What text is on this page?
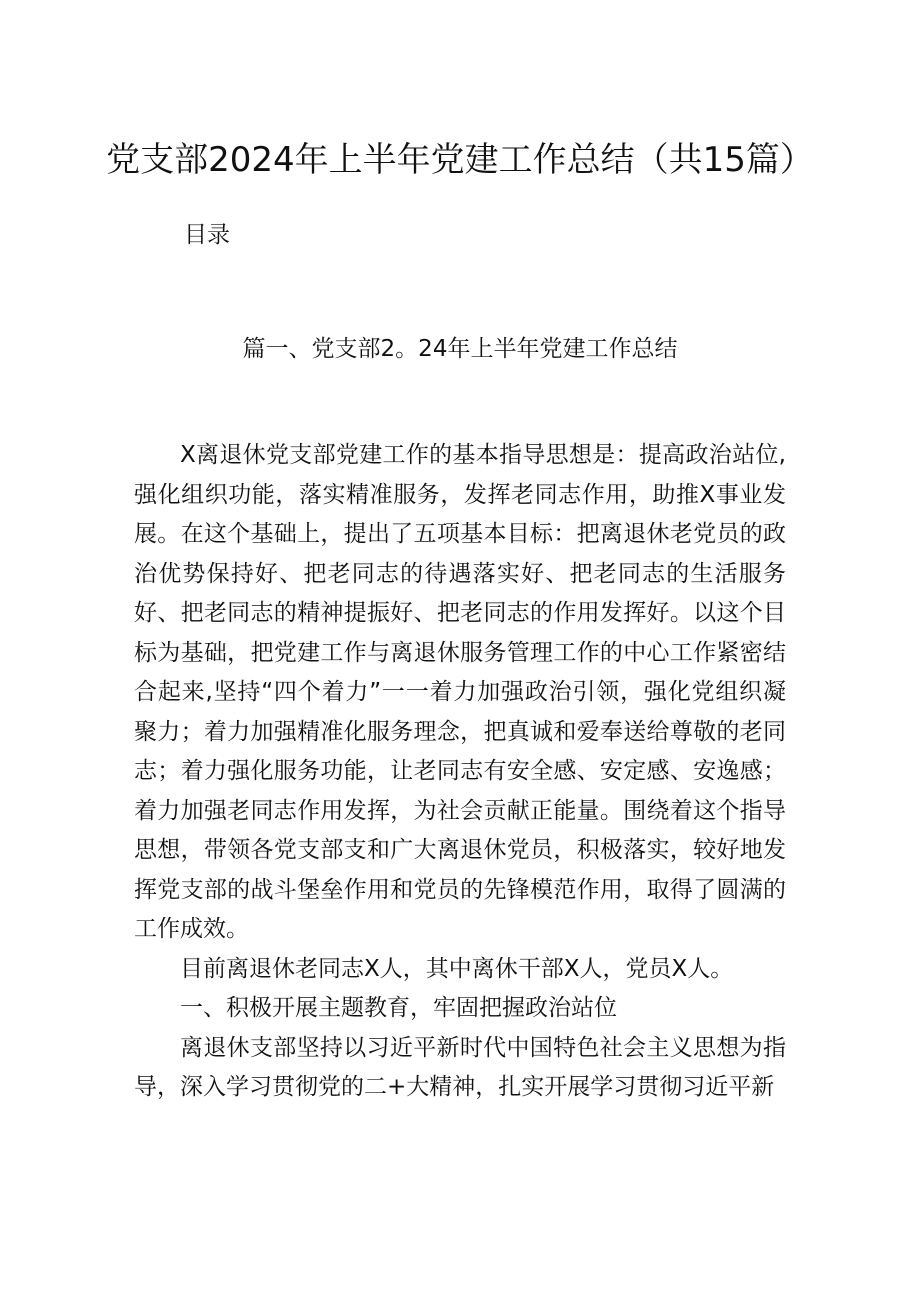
党支部2024年上半年党建工作总结（共15篇）
目录
篇一、党支部2。24年上半年党建工作总结

X离退休党支部党建工作的基本指导思想是：提高政治站位,强化组织功能，落实精准服务，发挥老同志作用，助推X事业发展。在这个基础上，提出了五项基本目标：把离退休老党员的政治优势保持好、把老同志的待遇落实好、把老同志的生活服务好、把老同志的精神提振好、把老同志的作用发挥好。以这个目标为基础，把党建工作与离退休服务管理工作的中心工作紧密结合起来,坚持“四个着力”一一着力加强政治引领，强化党组织凝聚力；着力加强精准化服务理念，把真诚和爱奉送给尊敬的老同志；着力强化服务功能，让老同志有安全感、安定感、安逸感；着力加强老同志作用发挥，为社会贡献正能量。围绕着这个指导思想，带领各党支部支和广大离退休党员，积极落实，较好地发挥党支部的战斗堡垒作用和党员的先锋模范作用，取得了圆满的工作成效。

目前离退休老同志X人，其中离休干部X人，党员X人。

一、积极开展主题教育，牢固把握政治站位

离退休支部坚持以习近平新时代中国特色社会主义思想为指导，深入学习贯彻党的二+大精神，扎实开展学习贯彻习近平新
